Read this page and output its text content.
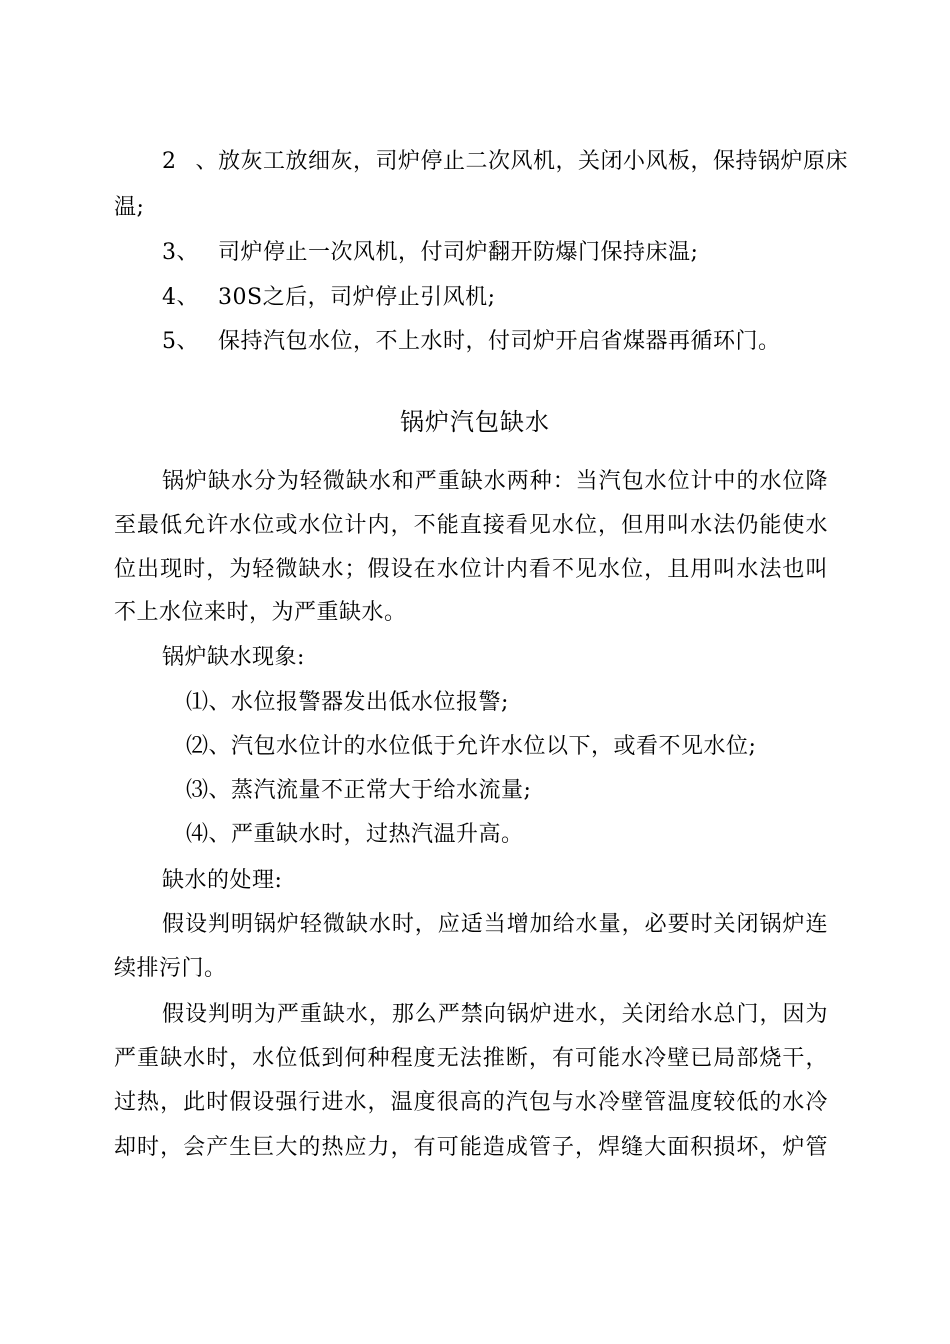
2、放灰工放细灰，司炉停止二次风机，关闭小风板，保持锅炉原床
温;
3、 司炉停止一次风机，付司炉翻开防爆门保持床温;
4、 30S之后，司炉停止引风机;
5、 保持汽包水位，不上水时，付司炉开启省煤器再循环门。
锅炉汽包缺水
锅炉缺水分为轻微缺水和严重缺水两种：当汽包水位计中的水位降
至最低允许水位或水位计内，不能直接看见水位，但用叫水法仍能使水
位出现时，为轻微缺水；假设在水位计内看不见水位，且用叫水法也叫
不上水位来时，为严重缺水。
锅炉缺水现象:
⑴、水位报警器发出低水位报警;
⑵、汽包水位计的水位低于允许水位以下，或看不见水位;
⑶、蒸汽流量不正常大于给水流量;
⑷、严重缺水时，过热汽温升高。
缺水的处理:
假设判明锅炉轻微缺水时，应适当增加给水量，必要时关闭锅炉连
续排污门。
假设判明为严重缺水，那么严禁向锅炉进水，关闭给水总门，因为
严重缺水时，水位低到何种程度无法推断，有可能水冷壁已局部烧干，
过热，此时假设强行进水，温度很高的汽包与水冷壁管温度较低的水冷
却时，会产生巨大的热应力，有可能造成管子，焊缝大面积损坏，炉管
